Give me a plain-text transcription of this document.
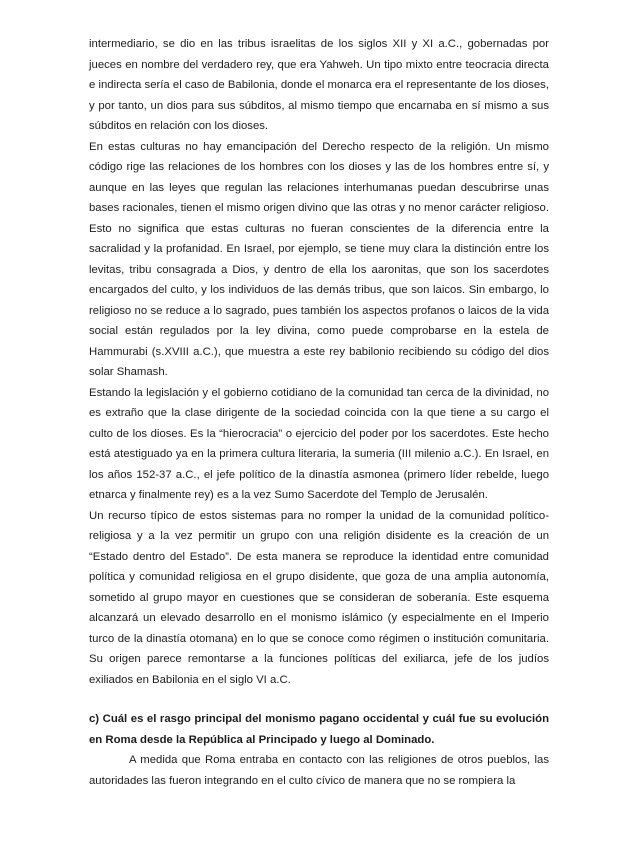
intermediario, se dio en las tribus israelitas de los siglos XII y XI a.C., gobernadas por jueces en nombre del verdadero rey, que era Yahweh. Un tipo mixto entre teocracia directa e indirecta sería el caso de Babilonia, donde el monarca era el representante de los dioses, y por tanto, un dios para sus súbditos, al mismo tiempo que encarnaba en sí mismo a sus súbditos en relación con los dioses.

En estas culturas no hay emancipación del Derecho respecto de la religión. Un mismo código rige las relaciones de los hombres con los dioses y las de los hombres entre sí, y aunque en las leyes que regulan las relaciones interhumanas puedan descubrirse unas bases racionales, tienen el mismo origen divino que las otras y no menor carácter religioso. Esto no significa que estas culturas no fueran conscientes de la diferencia entre la sacralidad y la profanidad. En Israel, por ejemplo, se tiene muy clara la distinción entre los levitas, tribu consagrada a Dios, y dentro de ella los aaronitas, que son los sacerdotes encargados del culto, y los individuos de las demás tribus, que son laicos. Sin embargo, lo religioso no se reduce a lo sagrado, pues también los aspectos profanos o laicos de la vida social están regulados por la ley divina, como puede comprobarse en la estela de Hammurabi (s.XVIII a.C.), que muestra a este rey babilonio recibiendo su código del dios solar Shamash.

Estando la legislación y el gobierno cotidiano de la comunidad tan cerca de la divinidad, no es extraño que la clase dirigente de la sociedad coincida con la que tiene a su cargo el culto de los dioses. Es la “hierocracia” o ejercicio del poder por los sacerdotes. Este hecho está atestiguado ya en la primera cultura literaria, la sumeria (III milenio a.C.). En Israel, en los años 152-37 a.C., el jefe político de la dinastía asmonea (primero líder rebelde, luego etnarca y finalmente rey) es a la vez Sumo Sacerdote del Templo de Jerusalén.

Un recurso típico de estos sistemas para no romper la unidad de la comunidad político-religiosa y a la vez permitir un grupo con una religión disidente es la creación de un “Estado dentro del Estado”. De esta manera se reproduce la identidad entre comunidad política y comunidad religiosa en el grupo disidente, que goza de una amplia autonomía, sometido al grupo mayor en cuestiones que se consideran de soberanía. Este esquema alcanzará un elevado desarrollo en el monismo islámico (y especialmente en el Imperio turco de la dinastía otomana) en lo que se conoce como régimen o institución comunitaria. Su origen parece remontarse a la funciones políticas del exiliarca, jefe de los judíos exiliados en Babilonia en el siglo VI a.C.

c) Cuál es el rasgo principal del monismo pagano occidental y cuál fue su evolución en Roma desde la República al Principado y luego al Dominado.

A medida que Roma entraba en contacto con las religiones de otros pueblos, las autoridades las fueron integrando en el culto cívico de manera que no se rompiera la
